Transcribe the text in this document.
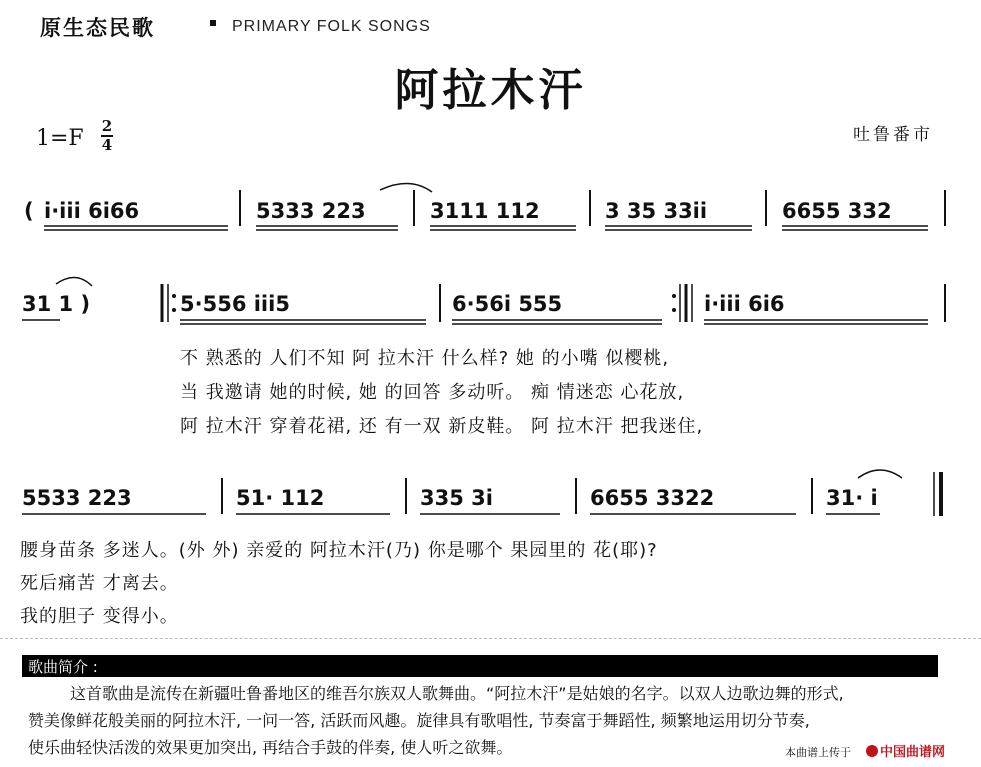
原生态民歌	PRIMARY FOLK SONGS
阿拉木汗
1=F 2
4	吐鲁番市
( i·iii 6i66	5333 223	3111 112	3 35 33ii	6655 332
31 1 )	5·556 iii5	6·56i 555	i·iii 6i6
5533 223	51· 112	335 3i	6655 3322	31· i
不 熟悉的 人们不知 阿 拉木汗 什么样? 她 的小嘴 似樱桃,
当 我邀请 她的时候, 她 的回答 多动听。 痴 情迷恋 心花放,
阿 拉木汗 穿着花裙, 还 有一双 新皮鞋。 阿 拉木汗 把我迷住,
腰身苗条 多迷人。(外 外) 亲爱的 阿拉木汗(乃) 你是哪个 果园里的 花(耶)?
死后痛苦 才离去。
我的胆子 变得小。
歌曲简介 :
这首歌曲是流传在新疆吐鲁番地区的维吾尔族双人歌舞曲。“阿拉木汗”是姑娘的名字。以双人边歌边舞的形式,
赞美像鲜花般美丽的阿拉木汗, 一问一答, 活跃而风趣。旋律具有歌唱性, 节奏富于舞蹈性, 频繁地运用切分节奏,
使乐曲轻快活泼的效果更加突出, 再结合手鼓的伴奏, 使人听之欲舞。	本曲谱上传于	中国曲谱网
